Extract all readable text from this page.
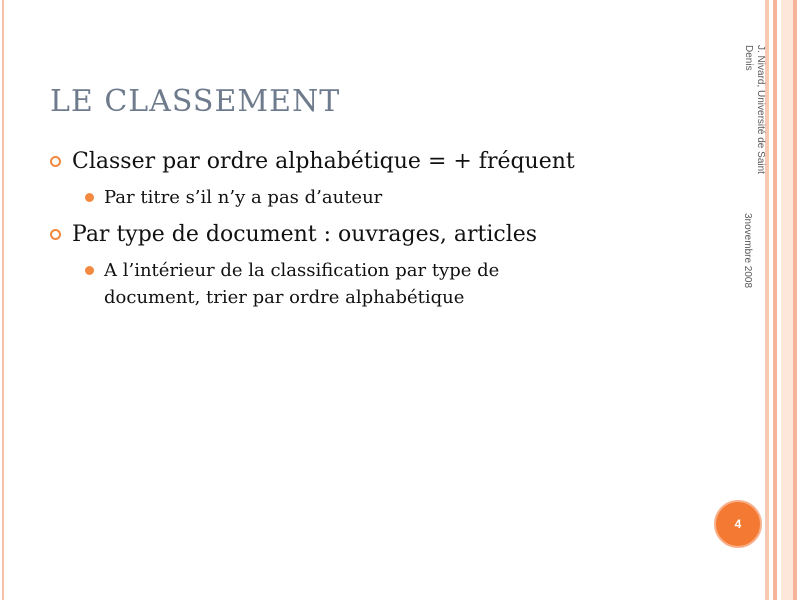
LE CLASSEMENT
Classer par ordre alphabétique = + fréquent
Par titre s’il n’y a pas d’auteur
Par type de document : ouvrages, articles
A l’intérieur de la classification par type de
document, trier par ordre alphabétique
J. Nivard, Université de Saint
Denis
3novembre 2008
4
